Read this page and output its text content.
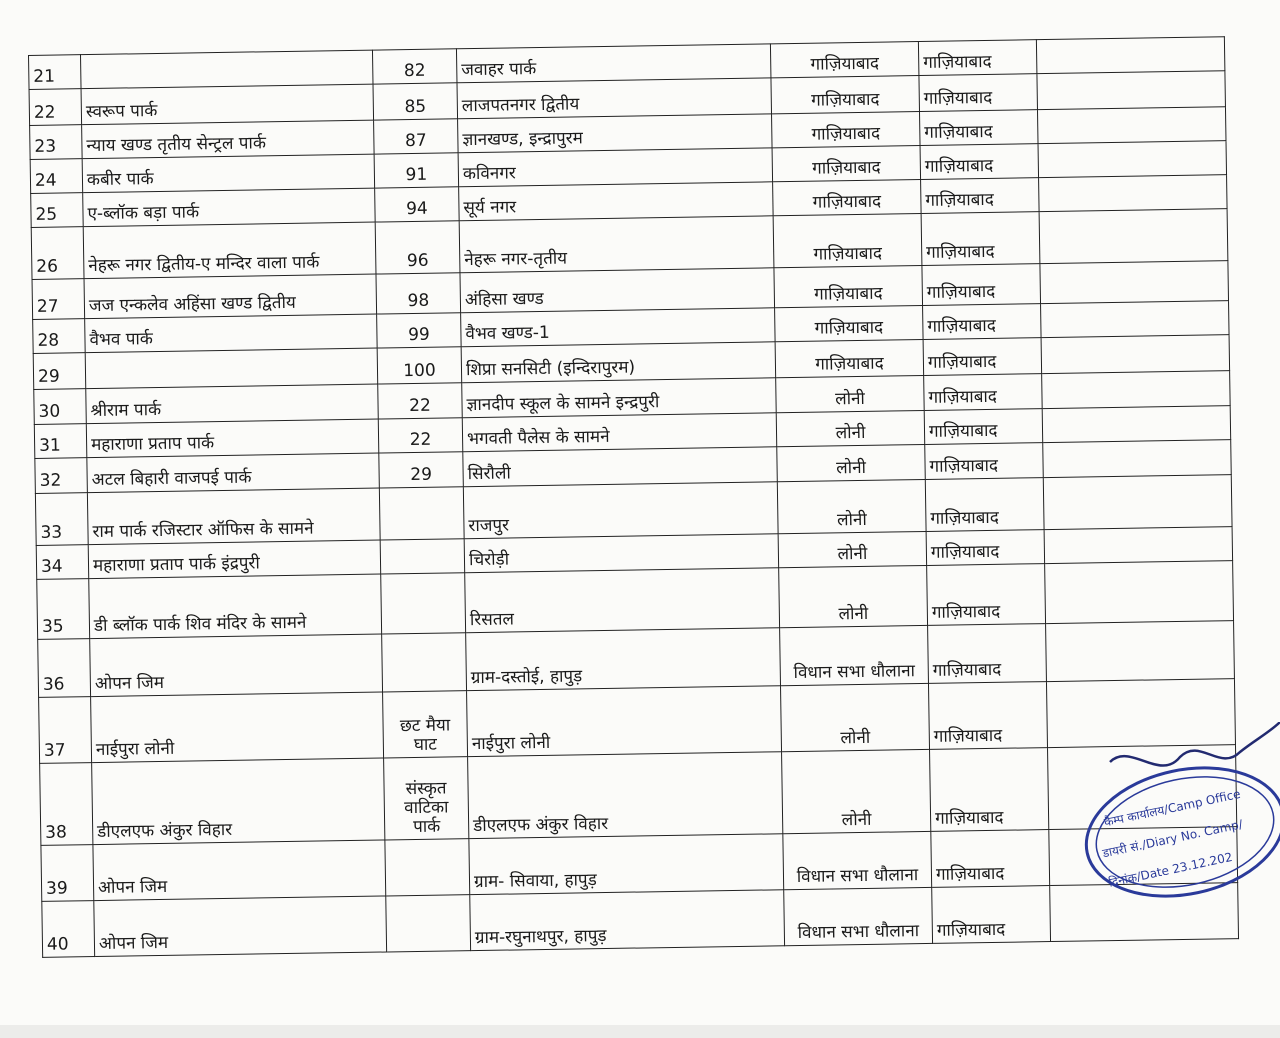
21		82	जवाहर पार्क	गाज़ियाबाद	गाज़ियाबाद	
22	स्वरूप पार्क	85	लाजपतनगर द्वितीय	गाज़ियाबाद	गाज़ियाबाद	
23	न्याय खण्ड तृतीय सेन्ट्रल पार्क	87	ज्ञानखण्ड, इन्द्रापुरम	गाज़ियाबाद	गाज़ियाबाद	
24	कबीर पार्क	91	कविनगर	गाज़ियाबाद	गाज़ियाबाद	
25	ए-ब्लॉक बड़ा पार्क	94	सूर्य नगर	गाज़ियाबाद	गाज़ियाबाद	
26	नेहरू नगर द्वितीय-ए मन्दिर वाला पार्क	96	नेहरू नगर-तृतीय	गाज़ियाबाद	गाज़ियाबाद	
27	जज एन्कलेव अहिंसा खण्ड द्वितीय	98	अंहिसा खण्ड	गाज़ियाबाद	गाज़ियाबाद	
28	वैभव पार्क	99	वैभव खण्ड-1	गाज़ियाबाद	गाज़ियाबाद	
29		100	शिप्रा सनसिटी (इन्दिरापुरम)	गाज़ियाबाद	गाज़ियाबाद	
30	श्रीराम पार्क	22	ज्ञानदीप स्कूल के सामने इन्द्रपुरी	लोनी	गाज़ियाबाद	
31	महाराणा प्रताप पार्क	22	भगवती पैलेस के सामने	लोनी	गाज़ियाबाद	
32	अटल बिहारी वाजपई पार्क	29	सिरौली	लोनी	गाज़ियाबाद	
33	राम पार्क रजिस्टार ऑफिस के सामने		राजपुर	लोनी	गाज़ियाबाद	
34	महाराणा प्रताप पार्क इंद्रपुरी		चिरोड़ी	लोनी	गाज़ियाबाद	
35	डी ब्लॉक पार्क शिव मंदिर के सामने		रिसतल	लोनी	गाज़ियाबाद	
36	ओपन जिम		ग्राम-दस्तोई, हापुड़	विधान सभा धौलाना	गाज़ियाबाद	
37	नाईपुरा लोनी	छट मैया घाट	नाईपुरा लोनी	लोनी	गाज़ियाबाद	
38	डीएलएफ अंकुर विहार	संस्कृत वाटिका पार्क	डीएलएफ अंकुर विहार	लोनी	गाज़ियाबाद	
39	ओपन जिम		ग्राम- सिवाया, हापुड़	विधान सभा धौलाना	गाज़ियाबाद	
40	ओपन जिम		ग्राम-रघुनाथपुर, हापुड़	विधान सभा धौलाना	गाज़ियाबाद	
कैम्प कार्यालय/Camp Office
डायरी सं./Diary No. Camp/
दिनांक/Date 23.12.202
